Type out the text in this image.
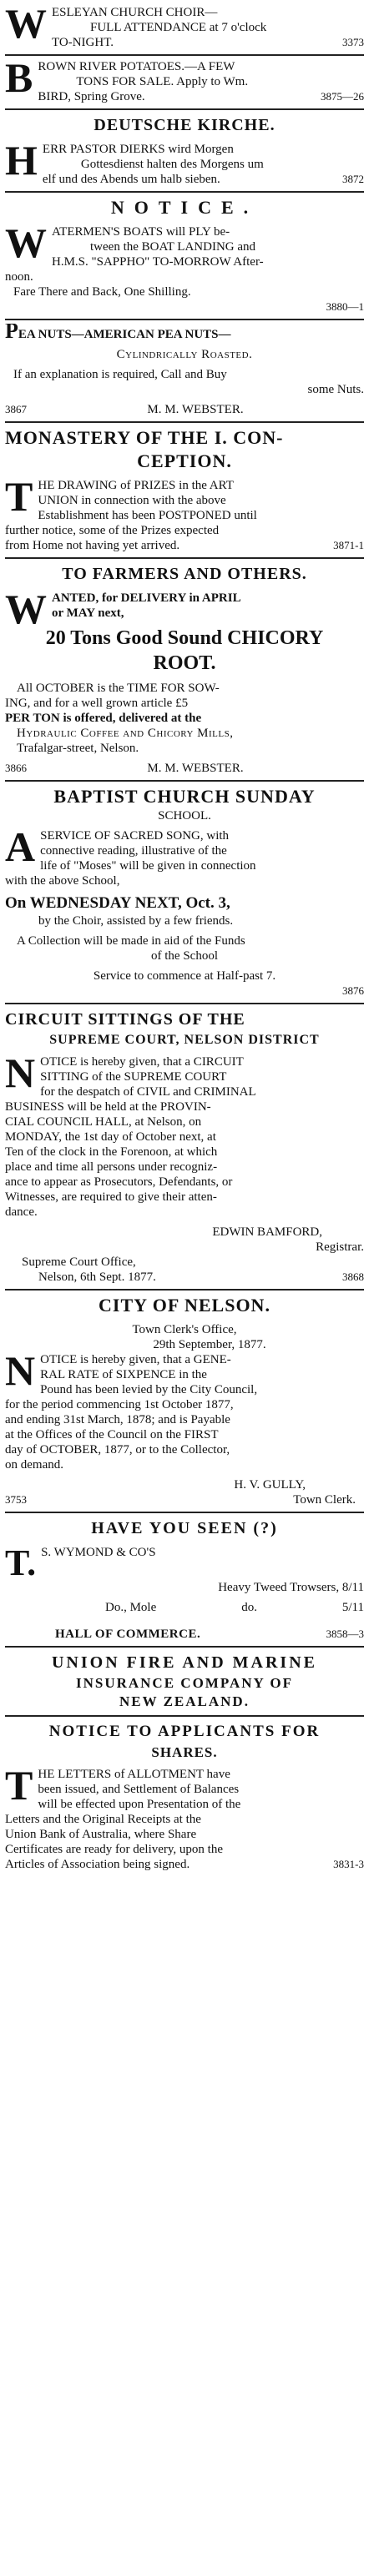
W ESLEYAN CHURCH CHOIR—
FULL ATTENDANCE at 7 o'clock
TO-NIGHT.	3373
B ROWN RIVER POTATOES.—A FEW
TONS FOR SALE. Apply to Wm.
BIRD, Spring Grove.	3875—26
DEUTSCHE KIRCHE.
H ERR PASTOR DIERKS wird Morgen
Gottesdienst halten des Morgens um
elf und des Abends um halb sieben.	3872
NOTICE.
W ATERMEN'S BOATS will PLY be-
tween the BOAT LANDING and
H.M.S. "SAPPHO" TO-MORROW After-
noon.
Fare There and Back, One Shilling.
3880—1
PEA NUTS—AMERICAN PEA NUTS—
Cylindrically Roasted.
If an explanation is required, Call and Buy
some Nuts.
3867	M. M. WEBSTER.
MONASTERY OF THE I. CON-
CEPTION.
T HE DRAWING of PRIZES in the ART
UNION in connection with the above
Establishment has been POSTPONED until
further notice, some of the Prizes expected
from Home not having yet arrived.	3871-1
TO FARMERS AND OTHERS.
W ANTED, for DELIVERY in APRIL
or MAY next,
20 Tons Good Sound CHICORY
ROOT.
All OCTOBER is the TIME FOR SOW-
ING, and for a well grown article £5
PER TON is offered, delivered at the
Hydraulic Coffee and Chicory Mills,
Trafalgar-street, Nelson.
3866	M. M. WEBSTER.
BAPTIST CHURCH SUNDAY
SCHOOL.
A SERVICE OF SACRED SONG, with
connective reading, illustrative of the
life of "Moses" will be given in connection
with the above School,
On WEDNESDAY NEXT, Oct. 3,
by the Choir, assisted by a few friends.
A Collection will be made in aid of the Funds
of the School
Service to commence at Half-past 7.
3876
CIRCUIT SITTINGS OF THE
SUPREME COURT, NELSON DISTRICT
N OTICE is hereby given, that a CIRCUIT
SITTING of the SUPREME COURT
for the despatch of CIVIL and CRIMINAL
BUSINESS will be held at the PROVIN-
CIAL COUNCIL HALL, at Nelson, on
MONDAY, the 1st day of October next, at
Ten of the clock in the Forenoon, at which
place and time all persons under recogniz-
ance to appear as Prosecutors, Defendants, or
Witnesses, are required to give their atten-
dance.
EDWIN BAMFORD,
Registrar.
Supreme Court Office,
Nelson, 6th Sept. 1877.	3868
CITY OF NELSON.
Town Clerk's Office,
29th September, 1877.
N OTICE is hereby given, that a GENE-
RAL RATE of SIXPENCE in the
Pound has been levied by the City Council,
for the period commencing 1st October 1877,
and ending 31st March, 1878; and is Payable
at the Offices of the Council on the FIRST
day of OCTOBER, 1877, or to the Collector,
on demand.
H. V. GULLY,
3753	Town Clerk.
HAVE YOU SEEN (?)
T. S. WYMOND & CO'S
Heavy Tweed Trowsers, 8/11
Do., Mole	do.	5/11
HALL OF COMMERCE.	3858—3
UNION FIRE AND MARINE
INSURANCE COMPANY OF
NEW ZEALAND.
NOTICE TO APPLICANTS FOR
SHARES.
T HE LETTERS of ALLOTMENT have
been issued, and Settlement of Balances
will be effected upon Presentation of the
Letters and the Original Receipts at the
Union Bank of Australia, where Share
Certificates are ready for delivery, upon the
Articles of Association being signed.	3831-3
